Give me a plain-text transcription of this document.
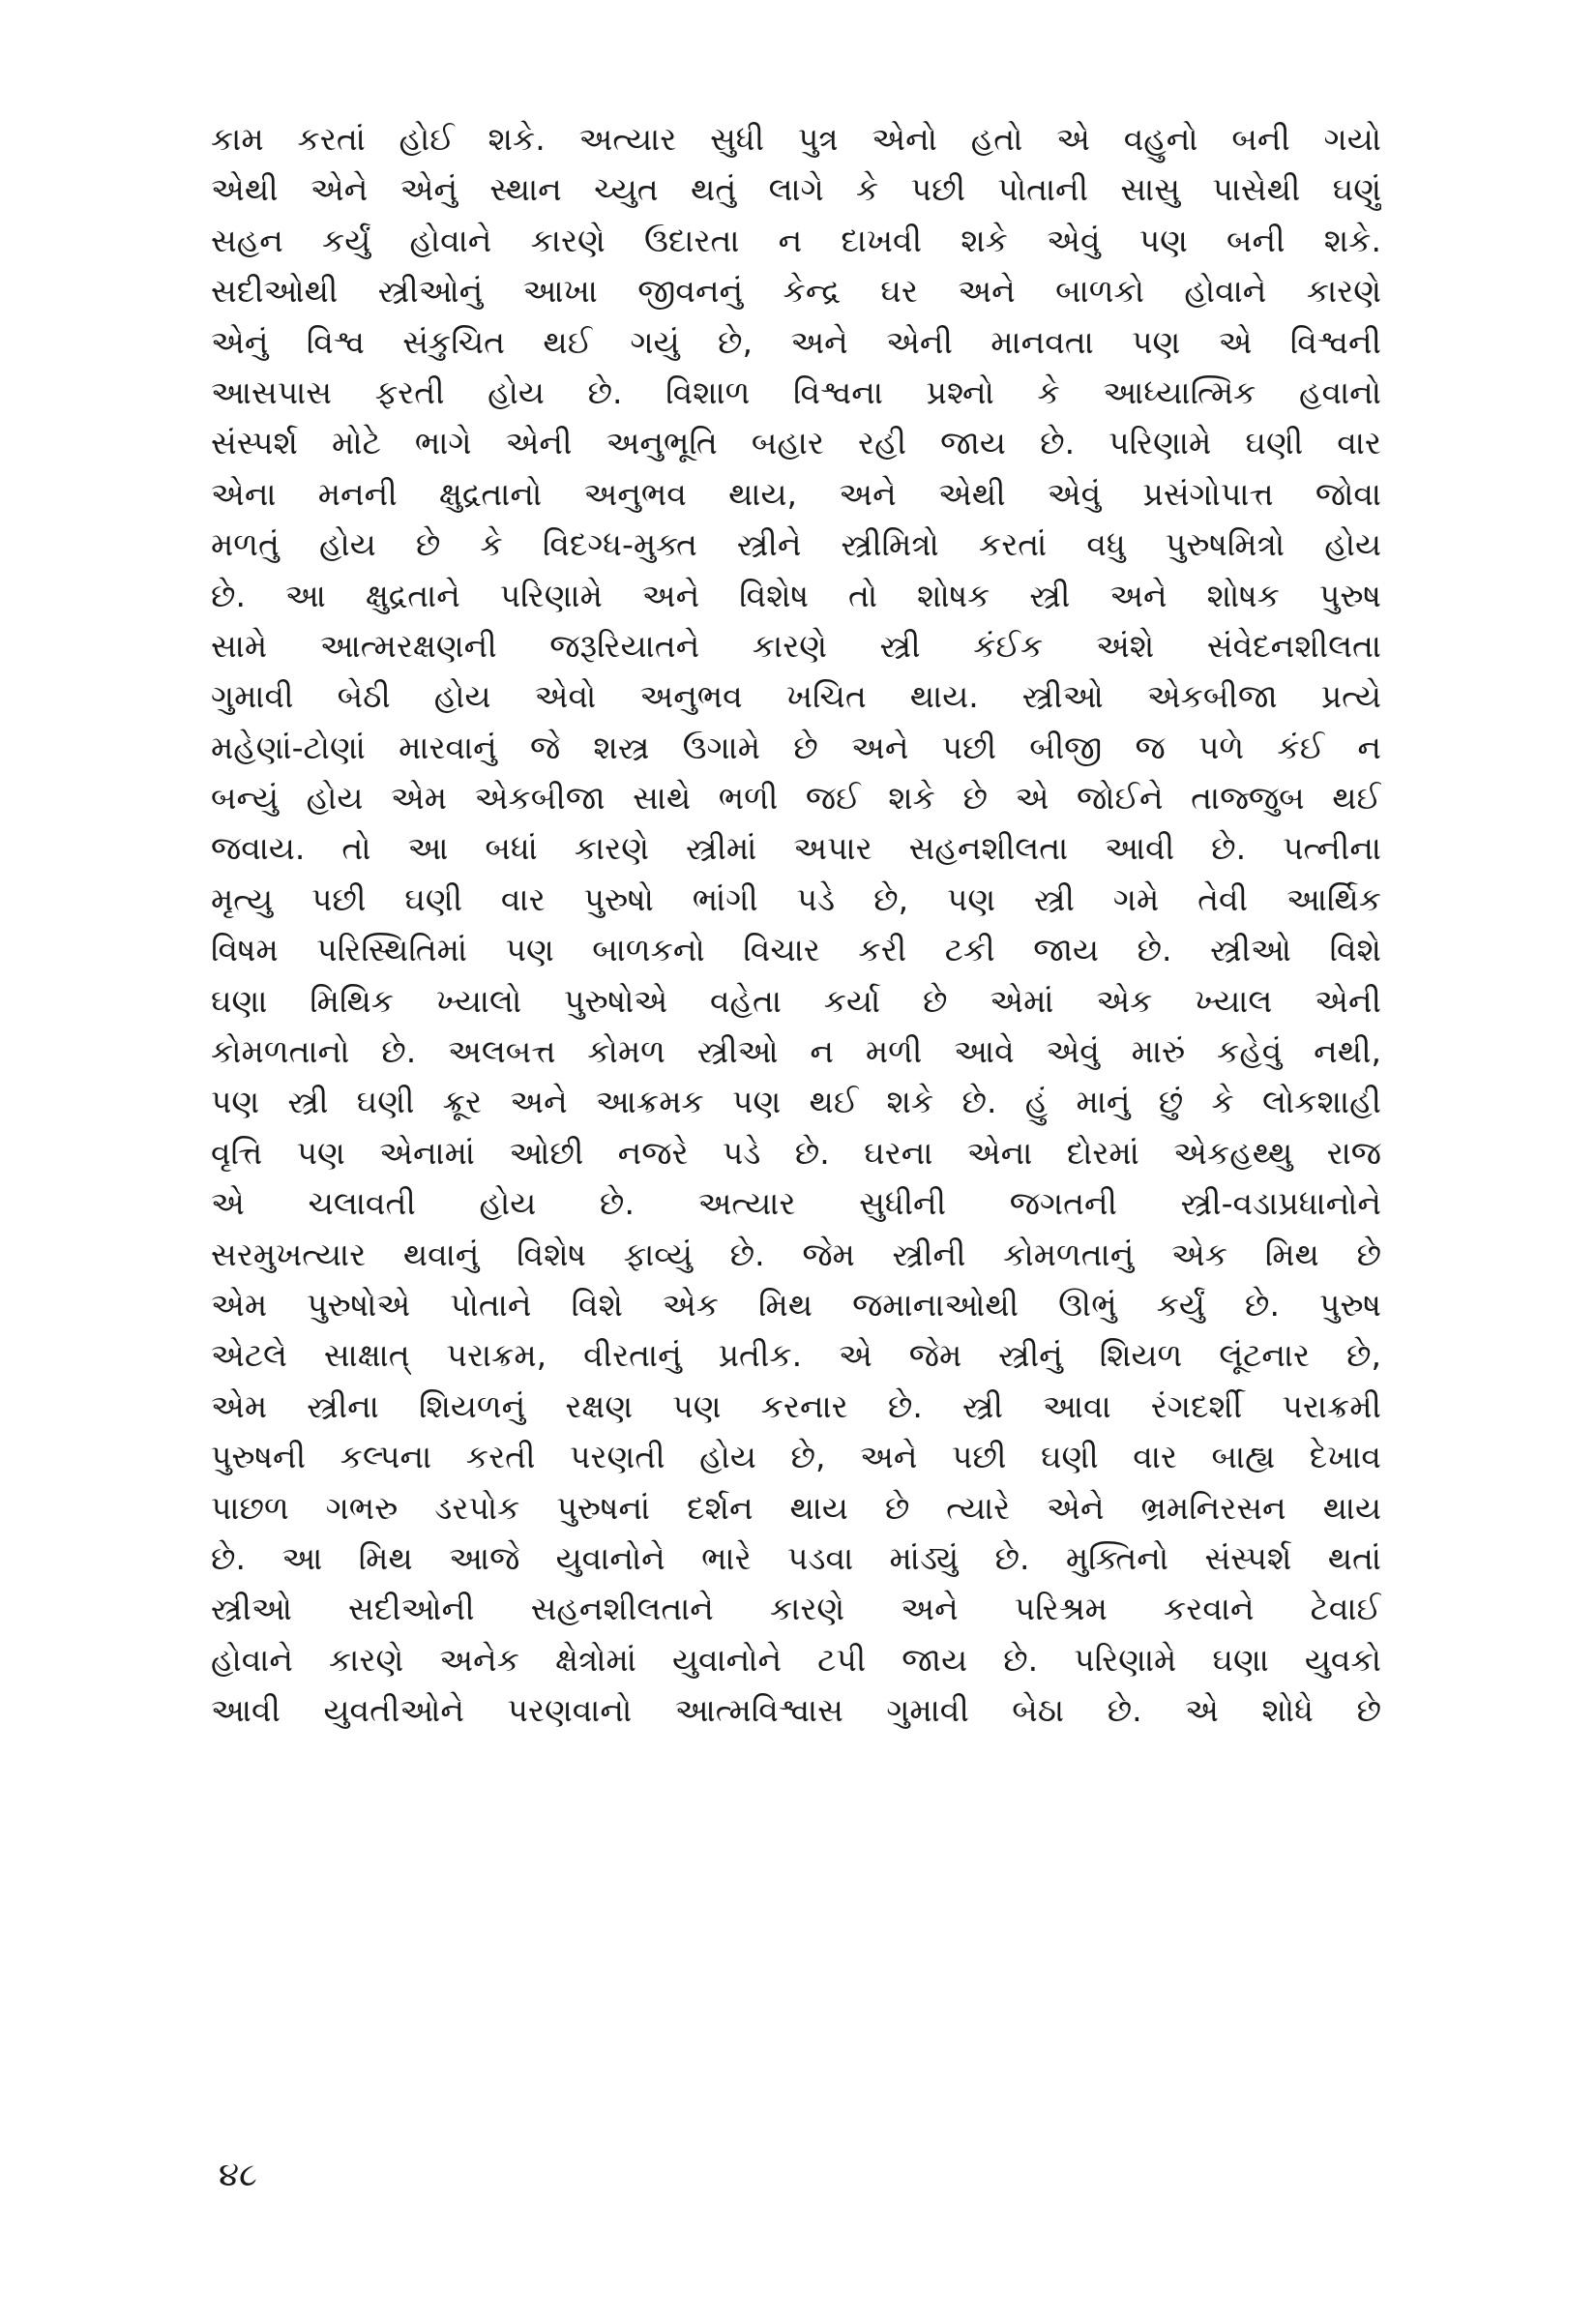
કામ કરતાં હોઈ શકે. અત્યાર સુધી પુત્ર એનો હતો એ વહુનો બની ગયો
એથી એને એનું સ્થાન ચ્યુત થતું લાગે કે પછી પોતાની સાસુ પાસેથી ઘણું
સહન કર્યું હોવાને કારણે ઉદારતા ન દાખવી શકે એવું પણ બની શકે.
સદીઓથી સ્ત્રીઓનું આખા જીવનનું કેન્દ્ર ઘર અને બાળકો હોવાને કારણે
એનું વિશ્વ સંકુચિત થઈ ગયું છે, અને એની માનવતા પણ એ વિશ્વની
આસપાસ ફરતી હોય છે. વિશાળ વિશ્વના પ્રશ્નો કે આધ્યાત્મિક હવાનો
સંસ્પર્શ મોટે ભાગે એની અનુભૂતિ બહાર રહી જાય છે. પરિણામે ઘણી વાર
એના મનની ક્ષુદ્રતાનો અનુભવ થાય, અને એથી એવું પ્રસંગોપાત્ત જોવા
મળતું હોય છે કે વિદગ્ધ-મુક્ત સ્ત્રીને સ્ત્રીમિત્રો કરતાં વધુ પુરુષમિત્રો હોય
છે. આ ક્ષુદ્રતાને પરિણામે અને વિશેષ તો શોષક સ્ત્રી અને શોષક પુરુષ
સામે આત્મરક્ષણની જરૂરિયાતને કારણે સ્ત્રી કંઈક અંશે સંવેદનશીલતા
ગુમાવી બેઠી હોય એવો અનુભવ ખચિત થાય. સ્ત્રીઓ એકબીજા પ્રત્યે
મહેણાં-ટોણાં મારવાનું જે શસ્ત્ર ઉગામે છે અને પછી બીજી જ પળે કંઈ ન
બન્યું હોય એમ એકબીજા સાથે ભળી જઈ શકે છે એ જોઈને તાજ્જુબ થઈ
જવાય. તો આ બધાં કારણે સ્ત્રીમાં અપાર સહનશીલતા આવી છે. પત્નીના
મૃત્યુ પછી ઘણી વાર પુરુષો ભાંગી પડે છે, પણ સ્ત્રી ગમે તેવી આર્થિક
વિષમ પરિસ્થિતિમાં પણ બાળકનો વિચાર કરી ટકી જાય છે. સ્ત્રીઓ વિશે
ઘણા મિથિક ખ્યાલો પુરુષોએ વહેતા કર્યા છે એમાં એક ખ્યાલ એની
કોમળતાનો છે. અલબત્ત કોમળ સ્ત્રીઓ ન મળી આવે એવું મારું કહેવું નથી,
પણ સ્ત્રી ઘણી ક્રૂર અને આક્રમક પણ થઈ શકે છે. હું માનું છું કે લોકશાહી
વૃત્તિ પણ એનામાં ઓછી નજરે પડે છે. ઘરના એના દોરમાં એકહથ્થુ રાજ
એ ચલાવતી હોય છે. અત્યાર સુધીની જગતની સ્ત્રી-વડાપ્રધાનોને
સરમુખત્યાર થવાનું વિશેષ ફાવ્યું છે. જેમ સ્ત્રીની કોમળતાનું એક મિથ છે
એમ પુરુષોએ પોતાને વિશે એક મિથ જમાનાઓથી ઊભું કર્યું છે. પુરુષ
એટલે સાક્ષાત્ પરાક્રમ, વીરતાનું પ્રતીક. એ જેમ સ્ત્રીનું શિયળ લૂંટનાર છે,
એમ સ્ત્રીના શિયળનું રક્ષણ પણ કરનાર છે. સ્ત્રી આવા રંગદર્શી પરાક્રમી
પુરુષની કલ્પના કરતી પરણતી હોય છે, અને પછી ઘણી વાર બાહ્ય દેખાવ
પાછળ ગભરુ ડરપોક પુરુષનાં દર્શન થાય છે ત્યારે એને ભ્રમનિરસન થાય
છે. આ મિથ આજે યુવાનોને ભારે પડવા માંડ્યું છે. મુક્તિનો સંસ્પર્શ થતાં
સ્ત્રીઓ સદીઓની સહનશીલતાને કારણે અને પરિશ્રમ કરવાને ટેવાઈ
હોવાને કારણે અનેક ક્ષેત્રોમાં યુવાનોને ટપી જાય છે. પરિણામે ઘણા યુવકો
આવી યુવતીઓને પરણવાનો આત્મવિશ્વાસ ગુમાવી બેઠા છે. એ શોધે છે
૪૮
